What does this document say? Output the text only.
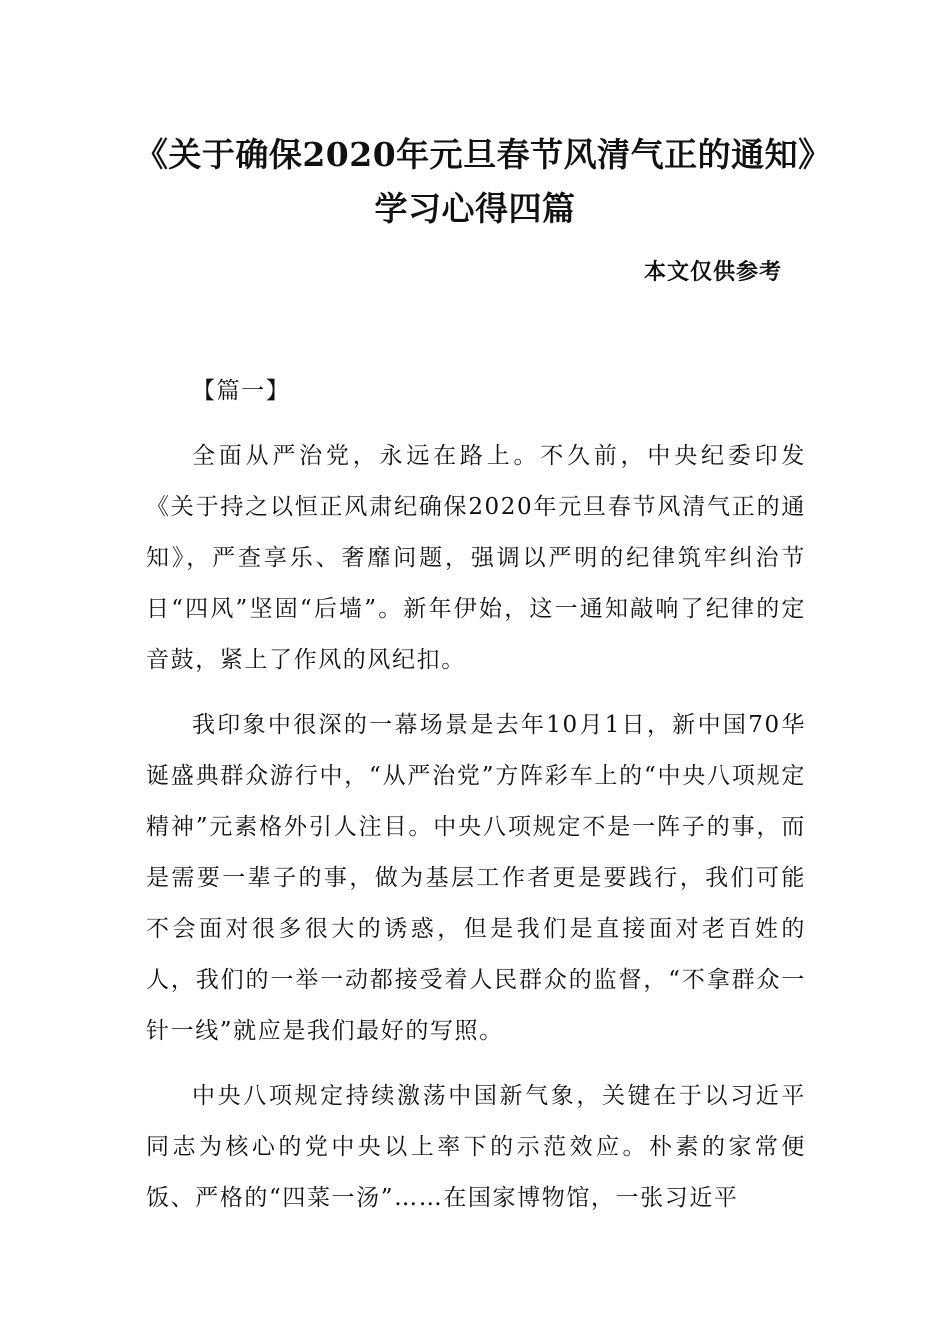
《关于确保2020年元旦春节风清气正的通知》学习心得四篇
本文仅供参考

【篇一】

全面从严治党，永远在路上。不久前，中央纪委印发《关于持之以恒正风肃纪确保2020年元旦春节风清气正的通知》，严查享乐、奢靡问题，强调以严明的纪律筑牢纠治节日“四风”坚固“后墙”。新年伊始，这一通知敲响了纪律的定音鼓，紧上了作风的风纪扣。

我印象中很深的一幕场景是去年10月1日，新中国70华诞盛典群众游行中，“从严治党”方阵彩车上的“中央八项规定精神”元素格外引人注目。中央八项规定不是一阵子的事，而是需要一辈子的事，做为基层工作者更是要践行，我们可能不会面对很多很大的诱惑，但是我们是直接面对老百姓的人，我们的一举一动都接受着人民群众的监督，“不拿群众一针一线”就应是我们最好的写照。

中央八项规定持续激荡中国新气象，关键在于以习近平同志为核心的党中央以上率下的示范效应。朴素的家常便饭、严格的“四菜一汤”……在国家博物馆，一张习近平
